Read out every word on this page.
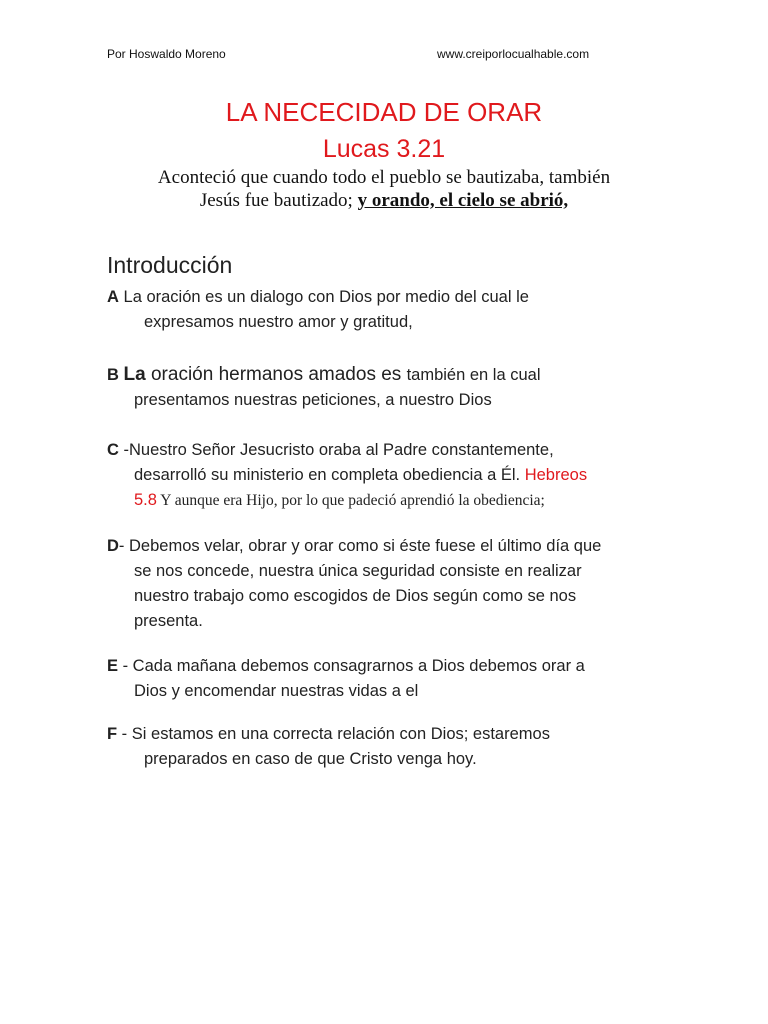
Por Hoswaldo Moreno	www.creiporlocualhable.com
LA NECECIDAD DE ORAR
Lucas 3.21
Aconteció que cuando todo el pueblo se bautizaba, también
Jesús fue bautizado; y orando, el cielo se abrió,
Introducción
A La oración es un dialogo con Dios por medio del cual le
expresamos nuestro amor y gratitud,
B La oración hermanos amados es también en la cual
presentamos nuestras peticiones, a nuestro Dios
C -Nuestro Señor Jesucristo oraba al Padre constantemente,
desarrolló su ministerio en completa obediencia a Él. Hebreos
5.8 Y aunque era Hijo, por lo que padeció aprendió la obediencia;
D- Debemos velar, obrar y orar como si éste fuese el último día que
se nos concede, nuestra única seguridad consiste en realizar
nuestro trabajo como escogidos de Dios según como se nos
presenta.
E - Cada mañana debemos consagrarnos a Dios debemos orar a
Dios y encomendar nuestras vidas a el
F - Si estamos en una correcta relación con Dios; estaremos
preparados en caso de que Cristo venga hoy.
